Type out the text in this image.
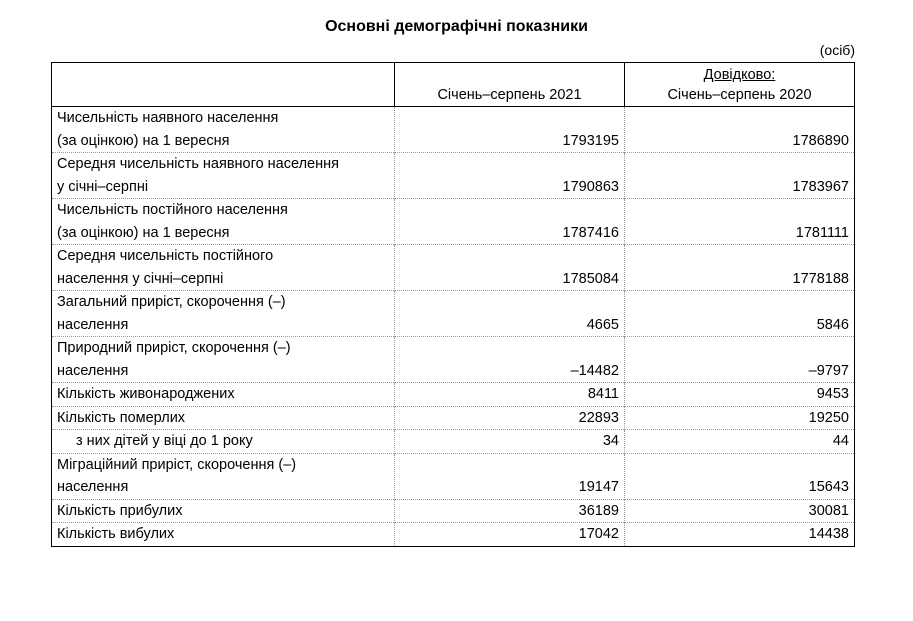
Основні демографічні показники
(осіб)
	Січень–серпень 2021	Довідково:
Січень–серпень 2020
Чисельність наявного населення
(за оцінкою) на 1 вересня	1793195	1786890
Середня чисельність наявного населення
у січні–серпні	1790863	1783967
Чисельність постійного населення
(за оцінкою) на 1 вересня	1787416	1781111
Середня чисельність постійного
населення у січні–серпні	1785084	1778188
Загальний приріст, скорочення (–)
населення	4665	5846
Природний приріст, скорочення (–)
населення	–14482	–9797
Кількість живонароджених	8411	9453
Кількість померлих	22893	19250
з них дітей у віці до 1 року	34	44
Міграційний приріст, скорочення (–)
населення	19147	15643
Кількість прибулих	36189	30081
Кількість вибулих	17042	14438
